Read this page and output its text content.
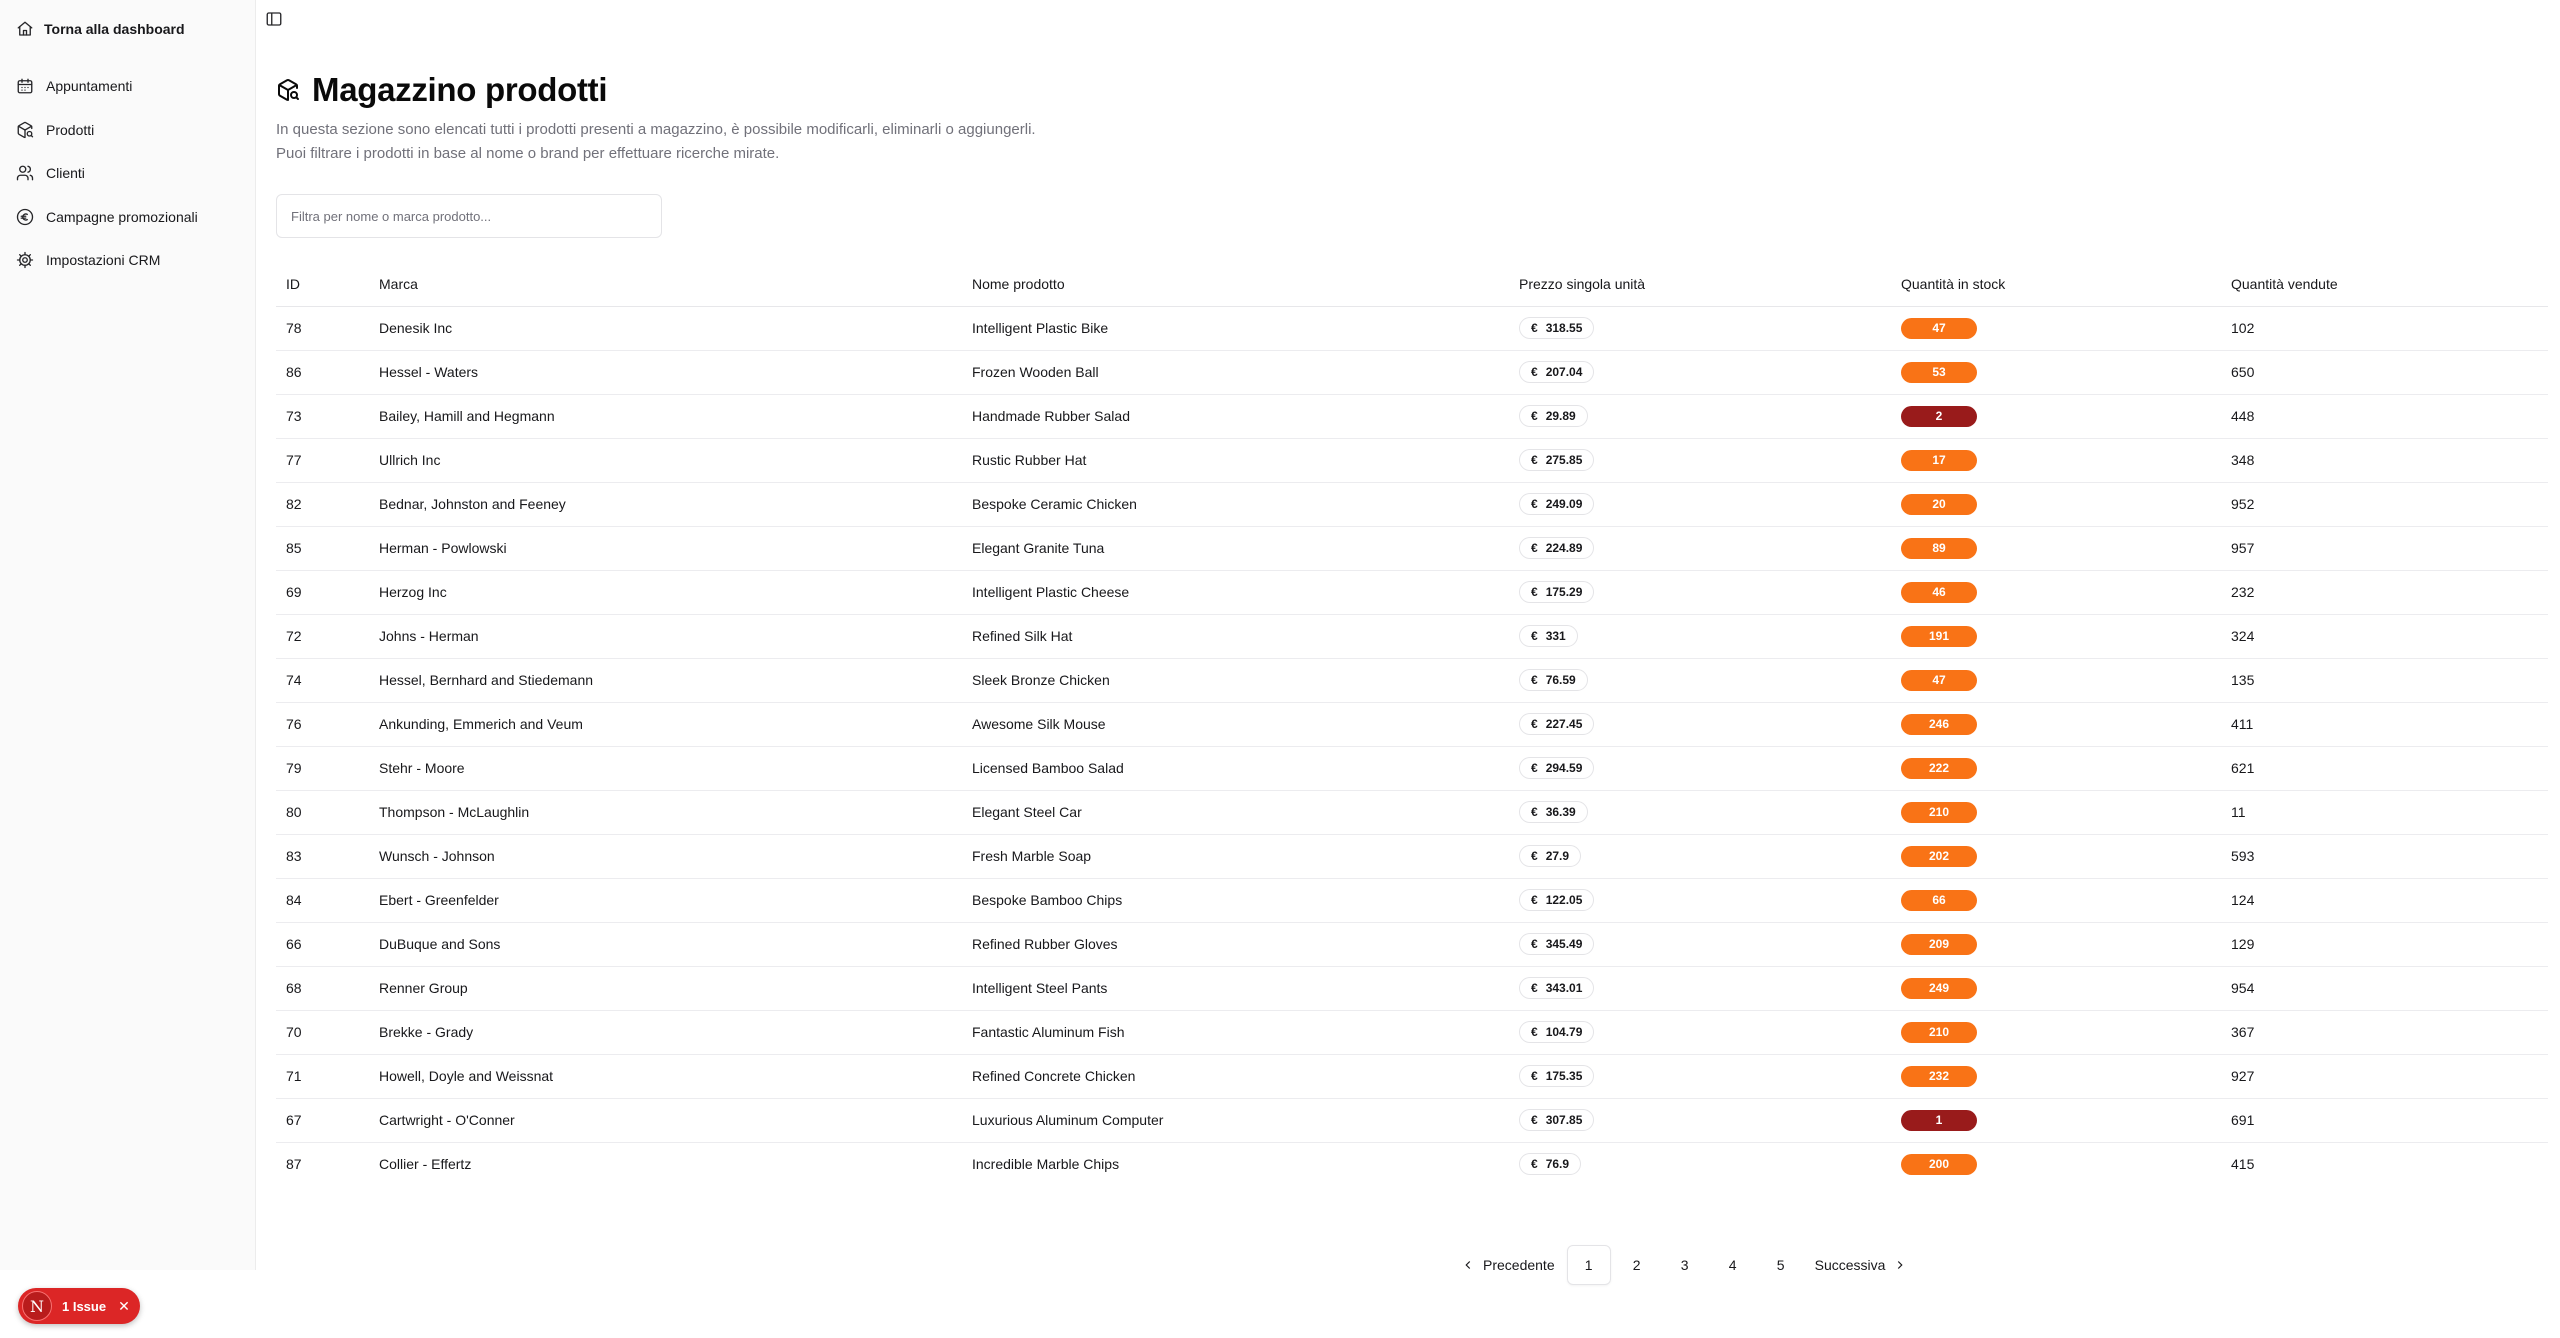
Torna alla dashboard
Appuntamenti
Prodotti
Clienti
Campagne promozionali
Impostazioni CRM
Magazzino prodotti
In questa sezione sono elencati tutti i prodotti presenti a magazzino, è possibile modificarli, eliminarli o aggiungerli.
Puoi filtrare i prodotti in base al nome o brand per effettuare ricerche mirate.
Filtra per nome o marca prodotto...
ID	Marca	Nome prodotto	Prezzo singola unità	Quantità in stock	Quantità vendute
78	Denesik Inc	Intelligent Plastic Bike	€ 318.55	47	102
86	Hessel - Waters	Frozen Wooden Ball	€ 207.04	53	650
73	Bailey, Hamill and Hegmann	Handmade Rubber Salad	€ 29.89	2	448
77	Ullrich Inc	Rustic Rubber Hat	€ 275.85	17	348
82	Bednar, Johnston and Feeney	Bespoke Ceramic Chicken	€ 249.09	20	952
85	Herman - Powlowski	Elegant Granite Tuna	€ 224.89	89	957
69	Herzog Inc	Intelligent Plastic Cheese	€ 175.29	46	232
72	Johns - Herman	Refined Silk Hat	€ 331	191	324
74	Hessel, Bernhard and Stiedemann	Sleek Bronze Chicken	€ 76.59	47	135
76	Ankunding, Emmerich and Veum	Awesome Silk Mouse	€ 227.45	246	411
79	Stehr - Moore	Licensed Bamboo Salad	€ 294.59	222	621
80	Thompson - McLaughlin	Elegant Steel Car	€ 36.39	210	11
83	Wunsch - Johnson	Fresh Marble Soap	€ 27.9	202	593
84	Ebert - Greenfelder	Bespoke Bamboo Chips	€ 122.05	66	124
66	DuBuque and Sons	Refined Rubber Gloves	€ 345.49	209	129
68	Renner Group	Intelligent Steel Pants	€ 343.01	249	954
70	Brekke - Grady	Fantastic Aluminum Fish	€ 104.79	210	367
71	Howell, Doyle and Weissnat	Refined Concrete Chicken	€ 175.35	232	927
67	Cartwright - O'Conner	Luxurious Aluminum Computer	€ 307.85	1	691
87	Collier - Effertz	Incredible Marble Chips	€ 76.9	200	415
Precedente	1	2	3	4	5	Successiva
N	1 Issue ✕
